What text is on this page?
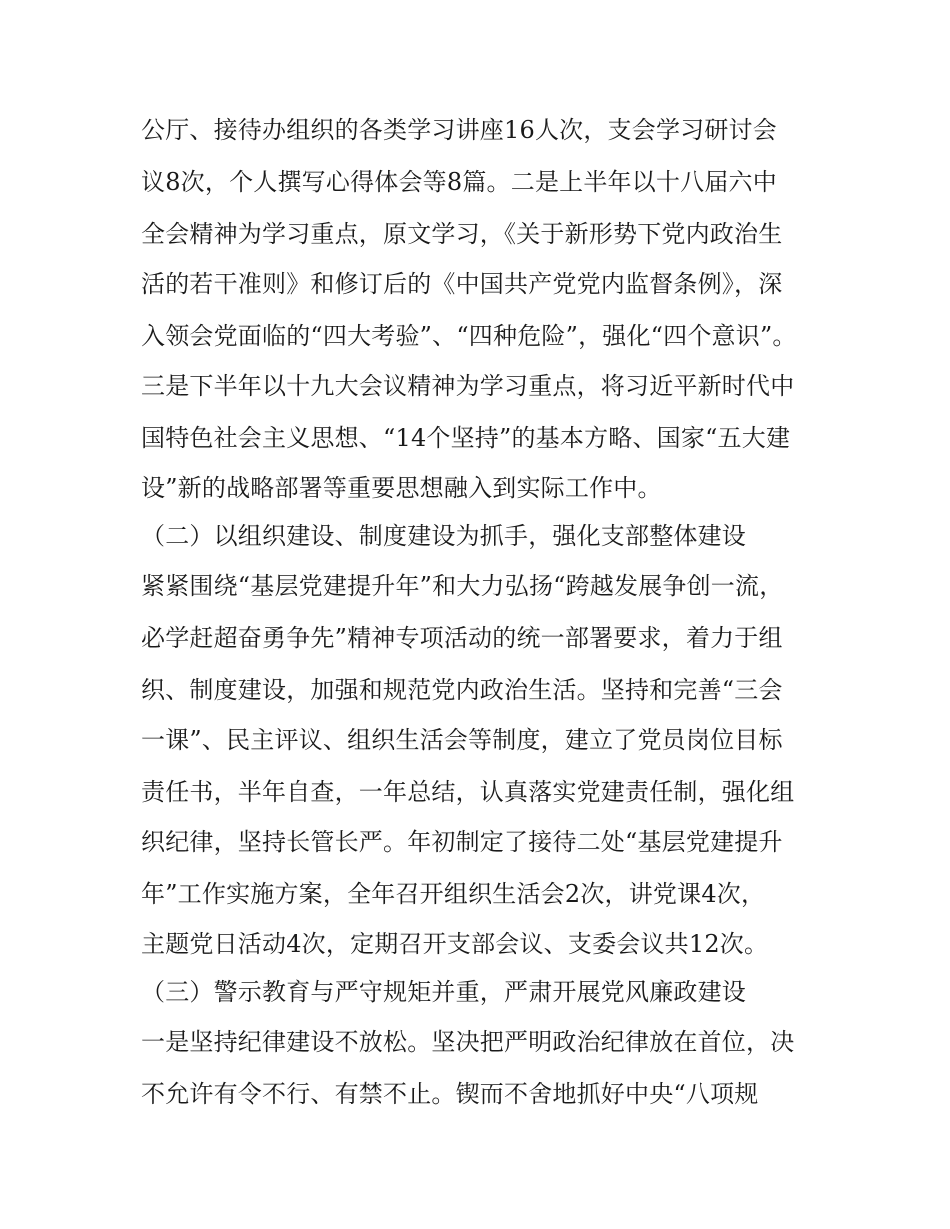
公厅、接待办组织的各类学习讲座16人次，支会学习研讨会
议8次，个人撰写心得体会等8篇。二是上半年以十八届六中
全会精神为学习重点，原文学习，《关于新形势下党内政治生
活的若干准则》和修订后的《中国共产党党内监督条例》，深
入领会党面临的“四大考验”、“四种危险”，强化“四个意识”。
三是下半年以十九大会议精神为学习重点，将习近平新时代中
国特色社会主义思想、“14个坚持”的基本方略、国家“五大建
设”新的战略部署等重要思想融入到实际工作中。
（二）以组织建设、制度建设为抓手，强化支部整体建设
紧紧围绕“基层党建提升年”和大力弘扬“跨越发展争创一流，
必学赶超奋勇争先”精神专项活动的统一部署要求，着力于组
织、制度建设，加强和规范党内政治生活。坚持和完善“三会
一课”、民主评议、组织生活会等制度，建立了党员岗位目标
责任书，半年自查，一年总结，认真落实党建责任制，强化组
织纪律，坚持长管长严。年初制定了接待二处“基层党建提升
年”工作实施方案，全年召开组织生活会2次，讲党课4次，
主题党日活动4次，定期召开支部会议、支委会议共12次。
（三）警示教育与严守规矩并重，严肃开展党风廉政建设
一是坚持纪律建设不放松。坚决把严明政治纪律放在首位，决
不允许有令不行、有禁不止。锲而不舍地抓好中央“八项规
